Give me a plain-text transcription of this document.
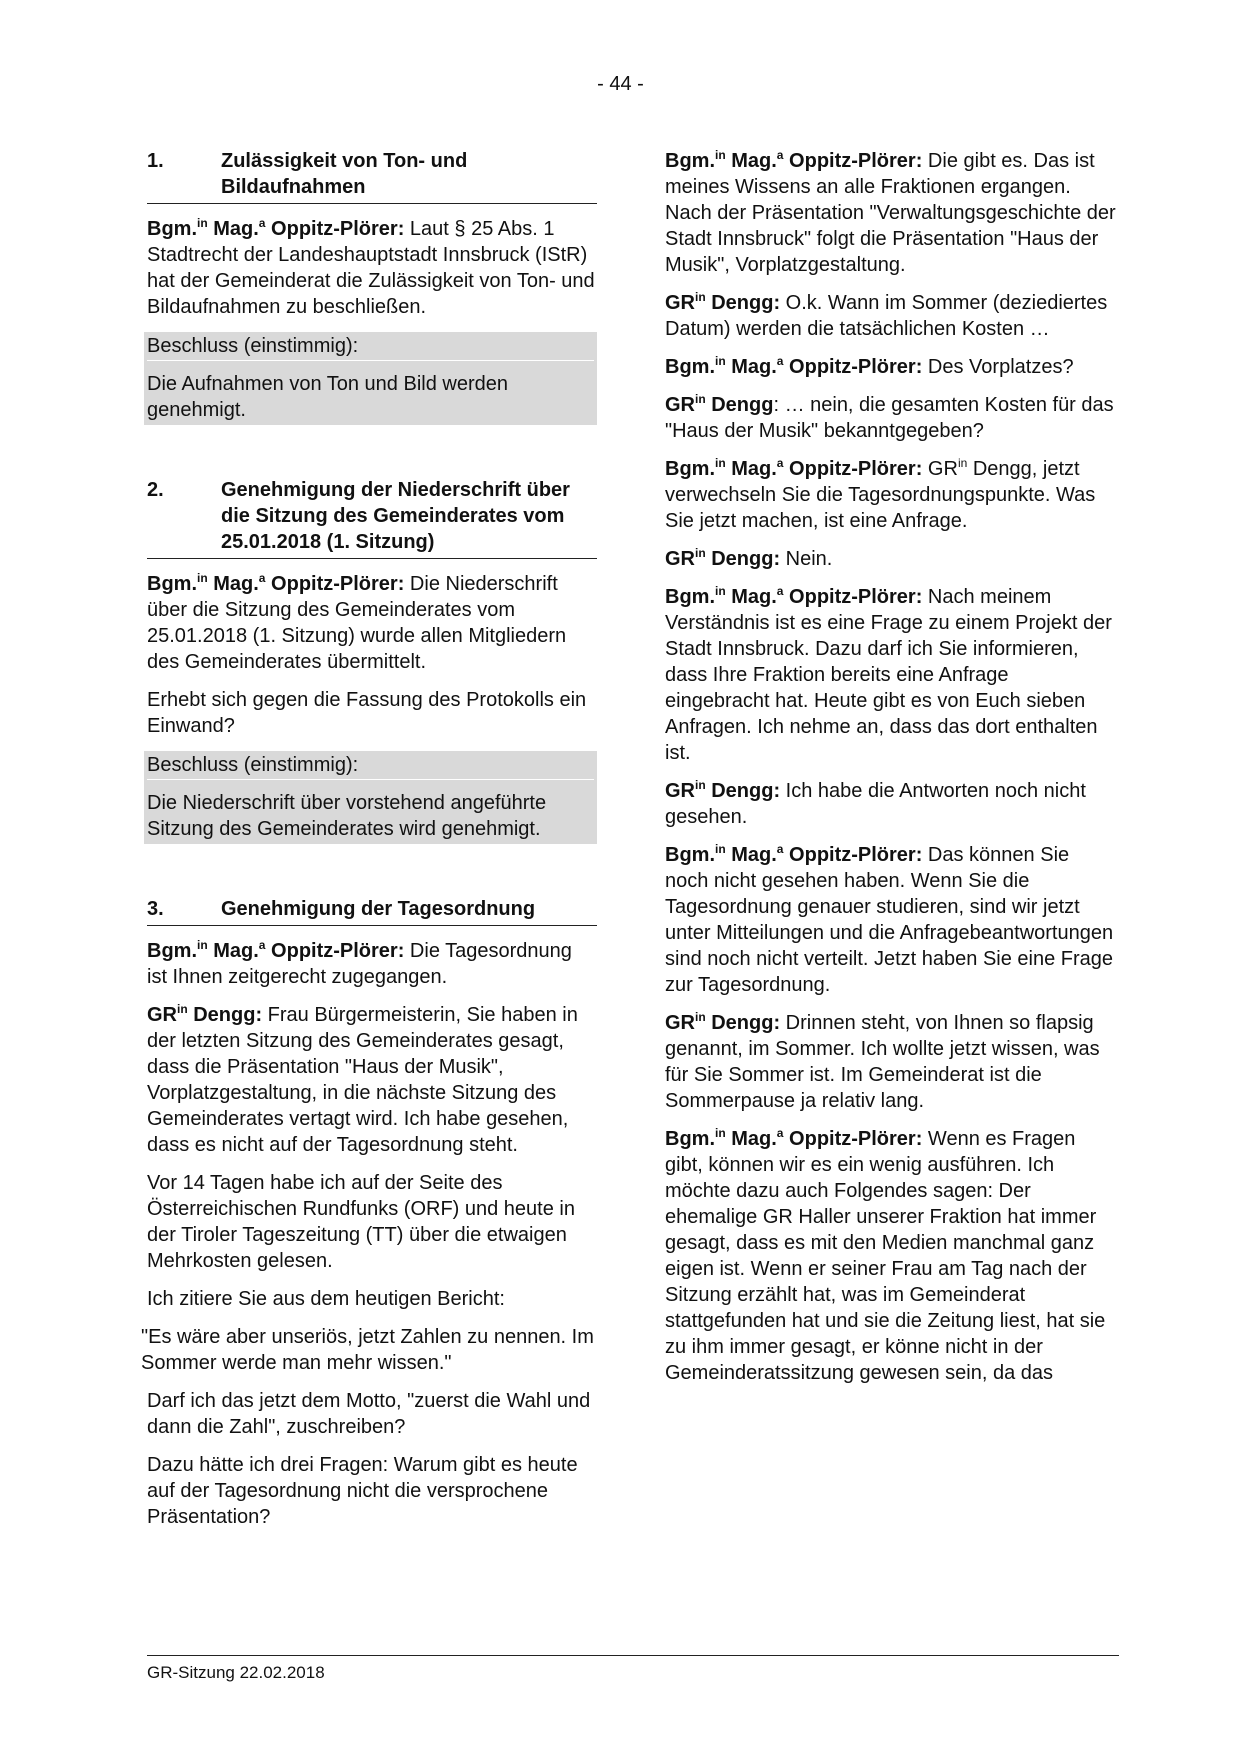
- 44 -
1.	Zulässigkeit von Ton- und Bildaufnahmen

Bgm.$^{in}$ Mag.$^a$ Oppitz-Plörer: Laut § 25 Abs. 1 Stadtrecht der Landeshauptstadt Innsbruck (IStR) hat der Gemeinderat die Zulässigkeit von Ton- und Bildaufnahmen zu beschließen.

Beschluss (einstimmig):
Die Aufnahmen von Ton und Bild werden genehmigt.
2.	Genehmigung der Niederschrift über die Sitzung des Gemeinderates vom 25.01.2018 (1. Sitzung)

Bgm.$^{in}$ Mag.$^a$ Oppitz-Plörer: Die Niederschrift über die Sitzung des Gemeinderates vom 25.01.2018 (1. Sitzung) wurde allen Mitgliedern des Gemeinderates übermittelt.

Erhebt sich gegen die Fassung des Protokolls ein Einwand?

Beschluss (einstimmig):
Die Niederschrift über vorstehend angeführte Sitzung des Gemeinderates wird genehmigt.
3.	Genehmigung der Tagesordnung

Bgm.$^{in}$ Mag.$^a$ Oppitz-Plörer: Die Tagesordnung ist Ihnen zeitgerecht zugegangen.

$GR^{in}$ Dengg: Frau Bürgermeisterin, Sie haben in der letzten Sitzung des Gemeinderates gesagt, dass die Präsentation "Haus der Musik", Vorplatzgestaltung, in die nächste Sitzung des Gemeinderates vertagt wird. Ich habe gesehen, dass es nicht auf der Tagesordnung steht.

Vor 14 Tagen habe ich auf der Seite des Österreichischen Rundfunks (ORF) und heute in der Tiroler Tageszeitung (TT) über die etwaigen Mehrkosten gelesen.

Ich zitiere Sie aus dem heutigen Bericht:

"Es wäre aber unseriös, jetzt Zahlen zu nennen. Im Sommer werde man mehr wissen."

Darf ich das jetzt dem Motto, "zuerst die Wahl und dann die Zahl", zuschreiben?

Dazu hätte ich drei Fragen: Warum gibt es heute auf der Tagesordnung nicht die versprochene Präsentation?

Bgm.$^{in}$ Mag.$^a$ Oppitz-Plörer: Die gibt es. Das ist meines Wissens an alle Fraktionen ergangen. Nach der Präsentation "Verwaltungsgeschichte der Stadt Innsbruck" folgt die Präsentation "Haus der Musik", Vorplatzgestaltung.

$GR^{in}$ Dengg: O.k. Wann im Sommer (deziediertes Datum) werden die tatsächlichen Kosten …

Bgm.$^{in}$ Mag.$^a$ Oppitz-Plörer: Des Vorplatzes?

$GR^{in}$ Dengg: … nein, die gesamten Kosten für das "Haus der Musik" bekanntgegeben?

Bgm.$^{in}$ Mag.$^a$ Oppitz-Plörer: $GR^{in}$ Dengg, jetzt verwechseln Sie die Tagesordnungspunkte. Was Sie jetzt machen, ist eine Anfrage.

$GR^{in}$ Dengg: Nein.

Bgm.$^{in}$ Mag.$^a$ Oppitz-Plörer: Nach meinem Verständnis ist es eine Frage zu einem Projekt der Stadt Innsbruck. Dazu darf ich Sie informieren, dass Ihre Fraktion bereits eine Anfrage eingebracht hat. Heute gibt es von Euch sieben Anfragen. Ich nehme an, dass das dort enthalten ist.

$GR^{in}$ Dengg: Ich habe die Antworten noch nicht gesehen.

Bgm.$^{in}$ Mag.$^a$ Oppitz-Plörer: Das können Sie noch nicht gesehen haben. Wenn Sie die Tagesordnung genauer studieren, sind wir jetzt unter Mitteilungen und die Anfragebeantwortungen sind noch nicht verteilt. Jetzt haben Sie eine Frage zur Tagesordnung.

$GR^{in}$ Dengg: Drinnen steht, von Ihnen so flapsig genannt, im Sommer. Ich wollte jetzt wissen, was für Sie Sommer ist. Im Gemeinderat ist die Sommerpause ja relativ lang.

Bgm.$^{in}$ Mag.$^a$ Oppitz-Plörer: Wenn es Fragen gibt, können wir es ein wenig ausführen. Ich möchte dazu auch Folgendes sagen: Der ehemalige GR Haller unserer Fraktion hat immer gesagt, dass es mit den Medien manchmal ganz eigen ist. Wenn er seiner Frau am Tag nach der Sitzung erzählt hat, was im Gemeinderat stattgefunden hat und sie die Zeitung liest, hat sie zu ihm immer gesagt, er könne nicht in der Gemeinderatssitzung gewesen sein, da das

GR-Sitzung 22.02.2018
